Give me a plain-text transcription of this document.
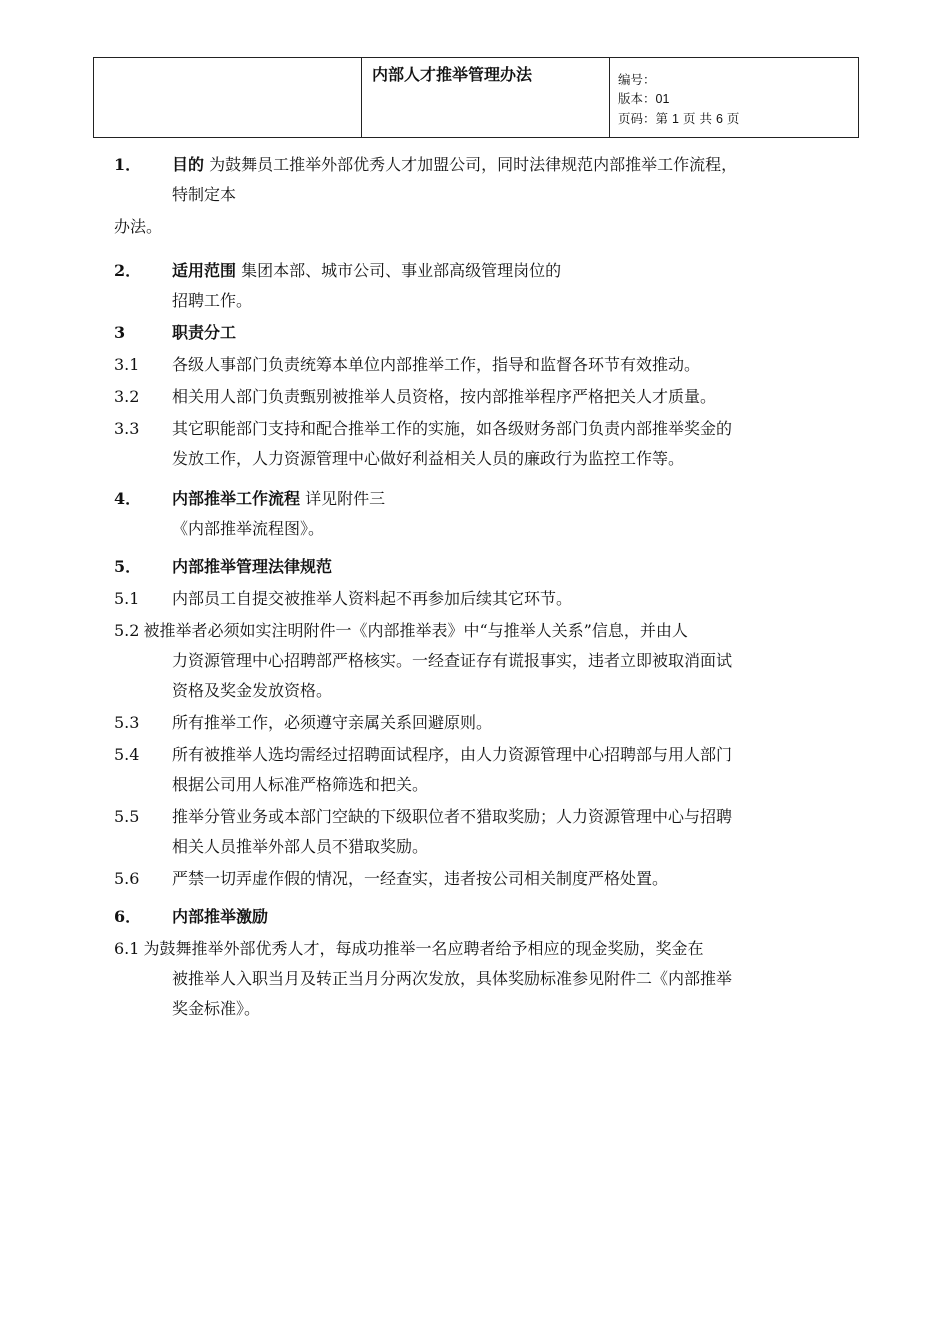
内部人才推举管理办法	编号：
版本：01
页码：第 1 页 共 6 页
1．	目的 为鼓舞员工推举外部优秀人才加盟公司，同时法律规范内部推举工作流程，
特制定本
办法。
2．	适用范围 集团本部、城市公司、事业部高级管理岗位的
招聘工作。
3	职责分工
3.1	各级人事部门负责统筹本单位内部推举工作，指导和监督各环节有效推动。
3.2	相关用人部门负责甄别被推举人员资格，按内部推举程序严格把关人才质量。
3.3	其它职能部门支持和配合推举工作的实施，如各级财务部门负责内部推举奖金的
发放工作，人力资源管理中心做好利益相关人员的廉政行为监控工作等。
4．	内部推举工作流程 详见附件三
《内部推举流程图》。
5．	内部推举管理法律规范
5.1	内部员工自提交被推举人资料起不再参加后续其它环节。
5.2 被推举者必须如实注明附件一《内部推举表》中“与推举人关系”信息，并由人
力资源管理中心招聘部严格核实。一经查证存有谎报事实，违者立即被取消面试
资格及奖金发放资格。
5.3	所有推举工作，必须遵守亲属关系回避原则。
5.4	所有被推举人选均需经过招聘面试程序，由人力资源管理中心招聘部与用人部门
根据公司用人标准严格筛选和把关。
5.5	推举分管业务或本部门空缺的下级职位者不猎取奖励；人力资源管理中心与招聘
相关人员推举外部人员不猎取奖励。
5.6	严禁一切弄虚作假的情况，一经查实，违者按公司相关制度严格处置。
6．	内部推举激励
6.1 为鼓舞推举外部优秀人才，每成功推举一名应聘者给予相应的现金奖励，奖金在
被推举人入职当月及转正当月分两次发放，具体奖励标准参见附件二《内部推举
奖金标准》。
